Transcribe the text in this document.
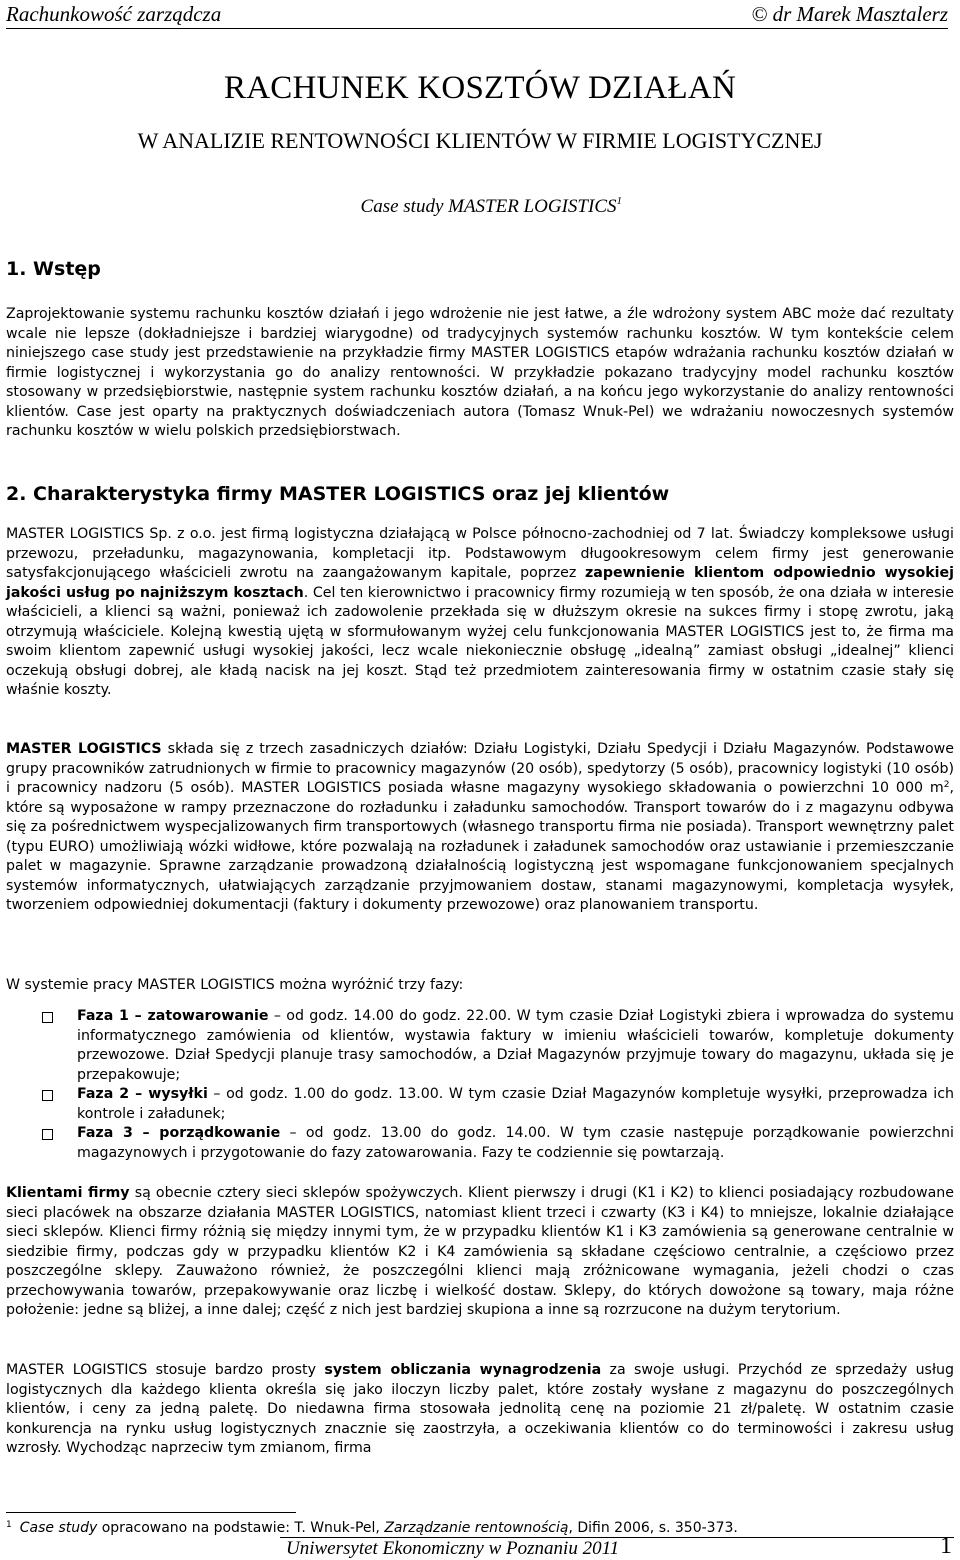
Rachunkowość zarządcza	© dr Marek Masztalerz
RACHUNEK KOSZTÓW DZIAŁAŃ
W ANALIZIE RENTOWNOŚCI KLIENTÓW W FIRMIE LOGISTYCZNEJ
Case study MASTER LOGISTICS$^1$
1. Wstęp

Zaprojektowanie systemu rachunku kosztów działań i jego wdrożenie nie jest łatwe, a źle wdrożony system ABC może dać rezultaty wcale nie lepsze (dokładniejsze i bardziej wiarygodne) od tradycyjnych systemów rachunku kosztów. W tym kontekście celem niniejszego case study jest przedstawienie na przykładzie firmy MASTER LOGISTICS etapów wdrażania rachunku kosztów działań w firmie logistycznej i wykorzystania go do analizy rentowności. W przykładzie pokazano tradycyjny model rachunku kosztów stosowany w przedsiębiorstwie, następnie system rachunku kosztów działań, a na końcu jego wykorzystanie do analizy rentowności klientów. Case jest oparty na praktycznych doświadczeniach autora (Tomasz Wnuk-Pel) we wdrażaniu nowoczesnych systemów rachunku kosztów w wielu polskich przedsiębiorstwach.

2. Charakterystyka firmy MASTER LOGISTICS oraz jej klientów

MASTER LOGISTICS Sp. z o.o. jest firmą logistyczna działającą w Polsce północno-zachodniej od 7 lat. Świadczy kompleksowe usługi przewozu, przeładunku, magazynowania, kompletacji itp. Podstawowym długookresowym celem firmy jest generowanie satysfakcjonującego właścicieli zwrotu na zaangażowanym kapitale, poprzez zapewnienie klientom odpowiednio wysokiej jakości usług po najniższym kosztach. Cel ten kierownictwo i pracownicy firmy rozumieją w ten sposób, że ona działa w interesie właścicieli, a klienci są ważni, ponieważ ich zadowolenie przekłada się w dłuższym okresie na sukces firmy i stopę zwrotu, jaką otrzymują właściciele. Kolejną kwestią ujętą w sformułowanym wyżej celu funkcjonowania MASTER LOGISTICS jest to, że firma ma swoim klientom zapewnić usługi wysokiej jakości, lecz wcale niekoniecznie obsługę „idealną” zamiast obsługi „idealnej” klienci oczekują obsługi dobrej, ale kładą nacisk na jej koszt. Stąd też przedmiotem zainteresowania firmy w ostatnim czasie stały się właśnie koszty.

MASTER LOGISTICS składa się z trzech zasadniczych działów: Działu Logistyki, Działu Spedycji i Działu Magazynów. Podstawowe grupy pracowników zatrudnionych w firmie to pracownicy magazynów (20 osób), spedytorzy (5 osób), pracownicy logistyki (10 osób) i pracownicy nadzoru (5 osób). MASTER LOGISTICS posiada własne magazyny wysokiego składowania o powierzchni 10 000 $m^2$, które są wyposażone w rampy przeznaczone do rozładunku i załadunku samochodów. Transport towarów do i z magazynu odbywa się za pośrednictwem wyspecjalizowanych firm transportowych (własnego transportu firma nie posiada). Transport wewnętrzny palet (typu EURO) umożliwiają wózki widłowe, które pozwalają na rozładunek i załadunek samochodów oraz ustawianie i przemieszczanie palet w magazynie. Sprawne zarządzanie prowadzoną działalnością logistyczną jest wspomagane funkcjonowaniem specjalnych systemów informatycznych, ułatwiających zarządzanie przyjmowaniem dostaw, stanami magazynowymi, kompletacja wysyłek, tworzeniem odpowiedniej dokumentacji (faktury i dokumenty przewozowe) oraz planowaniem transportu.

W systemie pracy MASTER LOGISTICS można wyróżnić trzy fazy:

Faza 1 – zatowarowanie – od godz. 14.00 do godz. 22.00. W tym czasie Dział Logistyki zbiera i wprowadza do systemu informatycznego zamówienia od klientów, wystawia faktury w imieniu właścicieli towarów, kompletuje dokumenty przewozowe. Dział Spedycji planuje trasy samochodów, a Dział Magazynów przyjmuje towary do magazynu, układa się je przepakowuje;
Faza 2 – wysyłki – od godz. 1.00 do godz. 13.00. W tym czasie Dział Magazynów kompletuje wysyłki, przeprowadza ich kontrole i załadunek;
Faza 3 – porządkowanie – od godz. 13.00 do godz. 14.00. W tym czasie następuje porządkowanie powierzchni magazynowych i przygotowanie do fazy zatowarowania. Fazy te codziennie się powtarzają.

Klientami firmy są obecnie cztery sieci sklepów spożywczych. Klient pierwszy i drugi (K1 i K2) to klienci posiadający rozbudowane sieci placówek na obszarze działania MASTER LOGISTICS, natomiast klient trzeci i czwarty (K3 i K4) to mniejsze, lokalnie działające sieci sklepów. Klienci firmy różnią się między innymi tym, że w przypadku klientów K1 i K3 zamówienia są generowane centralnie w siedzibie firmy, podczas gdy w przypadku klientów K2 i K4 zamówienia są składane częściowo centralnie, a częściowo przez poszczególne sklepy. Zauważono również, że poszczególni klienci mają zróżnicowane wymagania, jeżeli chodzi o czas przechowywania towarów, przepakowywanie oraz liczbę i wielkość dostaw. Sklepy, do których dowożone są towary, maja różne położenie: jedne są bliżej, a inne dalej; część z nich jest bardziej skupiona a inne są rozrzucone na dużym terytorium.

MASTER LOGISTICS stosuje bardzo prosty system obliczania wynagrodzenia za swoje usługi. Przychód ze sprzedaży usług logistycznych dla każdego klienta określa się jako iloczyn liczby palet, które zostały wysłane z magazynu do poszczególnych klientów, i ceny za jedną paletę. Do niedawna firma stosowała jednolitą cenę na poziomie 21 zł/paletę. W ostatnim czasie konkurencja na rynku usług logistycznych znacznie się zaostrzyła, a oczekiwania klientów co do terminowości i zakresu usług wzrosły. Wychodząc naprzeciw tym zmianom, firma

$^1$ Case study opracowano na podstawie: T. Wnuk-Pel, Zarządzanie rentownością, Difin 2006, s. 350-373.
Uniwersytet Ekonomiczny w Poznaniu 2011	1
